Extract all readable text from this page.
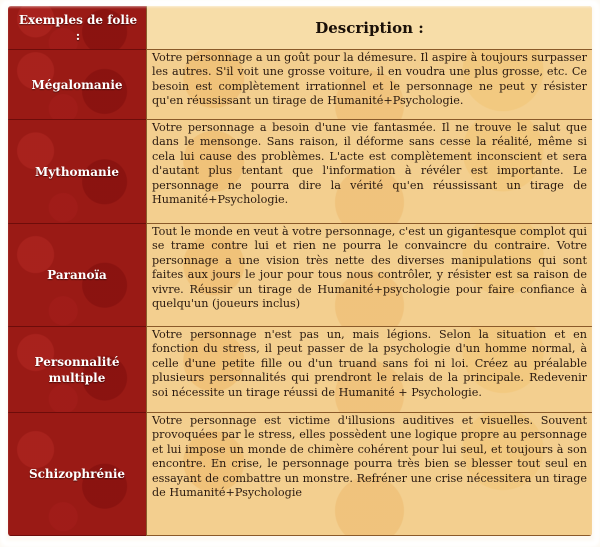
Exemples de folie :	Description :
Mégalomanie
Votre personnage a un goût pour la démesure. Il aspire à toujours surpasser les autres. S'il voit une grosse voiture, il en voudra une plus grosse, etc. Ce besoin est complètement irrationnel et le personnage ne peut y résister qu'en réussissant un tirage de Humanité+Psychologie.
Mythomanie
Votre personnage a besoin d'une vie fantasmée. Il ne trouve le salut que dans le mensonge. Sans raison, il déforme sans cesse la réalité, même si cela lui cause des problèmes. L'acte est complètement inconscient et sera d'autant plus tentant que l'information à révéler est importante. Le personnage ne pourra dire la vérité qu'en réussissant un tirage de Humanité+Psychologie.
Paranoïa
Tout le monde en veut à votre personnage, c'est un gigantesque complot qui se trame contre lui et rien ne pourra le convaincre du contraire. Votre personnage a une vision très nette des diverses manipulations qui sont faites aux jours le jour pour tous nous contrôler, y résister est sa raison de vivre. Réussir un tirage de Humanité+psychologie pour faire confiance à quelqu'un (joueurs inclus)
Personnalité multiple
Votre personnage n'est pas un, mais légions. Selon la situation et en fonction du stress, il peut passer de la psychologie d'un homme normal, à celle d'une petite fille ou d'un truand sans foi ni loi. Créez au préalable plusieurs personnalités qui prendront le relais de la principale. Redevenir soi nécessite un tirage réussi de Humanité + Psychologie.
Schizophrénie
Votre personnage est victime d'illusions auditives et visuelles. Souvent provoquées par le stress, elles possèdent une logique propre au personnage et lui impose un monde de chimère cohérent pour lui seul, et toujours à son encontre. En crise, le personnage pourra très bien se blesser tout seul en essayant de combattre un monstre. Refréner une crise nécessitera un tirage de Humanité+Psychologie
